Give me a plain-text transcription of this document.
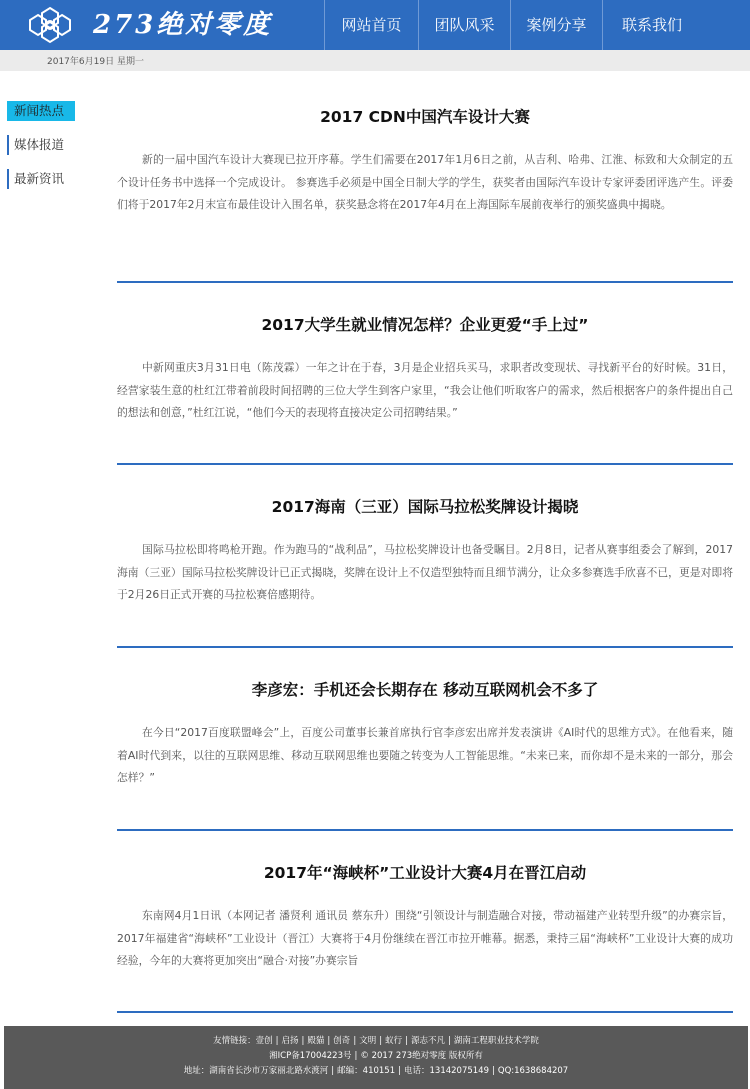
273绝对零度	网站首页	团队风采	案例分享	联系我们
2017年6月19日 星期一
新闻热点
媒体报道
最新资讯
2017 CDN中国汽车设计大赛
新的一届中国汽车设计大赛现已拉开序幕。学生们需要在2017年1月6日之前，从吉利、哈弗、江淮、标致和大众制定的五个设计任务书中选择一个完成设计。 参赛选手必须是中国全日制大学的学生，获奖者由国际汽车设计专家评委团评选产生。评委们将于2017年2月末宣布最佳设计入围名单，获奖悬念将在2017年4月在上海国际车展前夜举行的颁奖盛典中揭晓。
2017大学生就业情况怎样？企业更爱“手上过”
中新网重庆3月31日电（陈茂霖）一年之计在于春，3月是企业招兵买马，求职者改变现状、寻找新平台的好时候。31日，经营家装生意的杜红江带着前段时间招聘的三位大学生到客户家里，“我会让他们听取客户的需求，然后根据客户的条件提出自己的想法和创意，”杜红江说，“他们今天的表现将直接决定公司招聘结果。”
2017海南（三亚）国际马拉松奖牌设计揭晓
国际马拉松即将鸣枪开跑。作为跑马的“战利品”，马拉松奖牌设计也备受瞩目。2月8日，记者从赛事组委会了解到，2017海南（三亚）国际马拉松奖牌设计已正式揭晓，奖牌在设计上不仅造型独特而且细节满分，让众多参赛选手欣喜不已，更是对即将于2月26日正式开赛的马拉松赛倍感期待。
李彦宏：手机还会长期存在 移动互联网机会不多了
在今日“2017百度联盟峰会”上，百度公司董事长兼首席执行官李彦宏出席并发表演讲《AI时代的思维方式》。在他看来，随着AI时代到来，以往的互联网思维、移动互联网思维也要随之转变为人工智能思维。“未来已来，而你却不是未来的一部分，那会怎样？”
2017年“海峡杯”工业设计大赛4月在晋江启动
东南网4月1日讯（本网记者 潘贤利 通讯员 蔡东升）围绕“引领设计与制造融合对接，带动福建产业转型升级”的办赛宗旨，2017年福建省“海峡杯”工业设计（晋江）大赛将于4月份继续在晋江市拉开帷幕。据悉，秉持三届“海峡杯”工业设计大赛的成功经验，今年的大赛将更加突出“融合·对接”办赛宗旨
友情链接：壹创 | 启扬 | 殿猫 | 创奇 | 文明 | 蚁行 | 源志不凡 | 湖南工程职业技术学院
湘ICP备17004223号 | © 2017 273绝对零度 版权所有
地址：湖南省长沙市万家丽北路水渡河 | 邮编：410151 | 电话：13142075149 | QQ:1638684207
